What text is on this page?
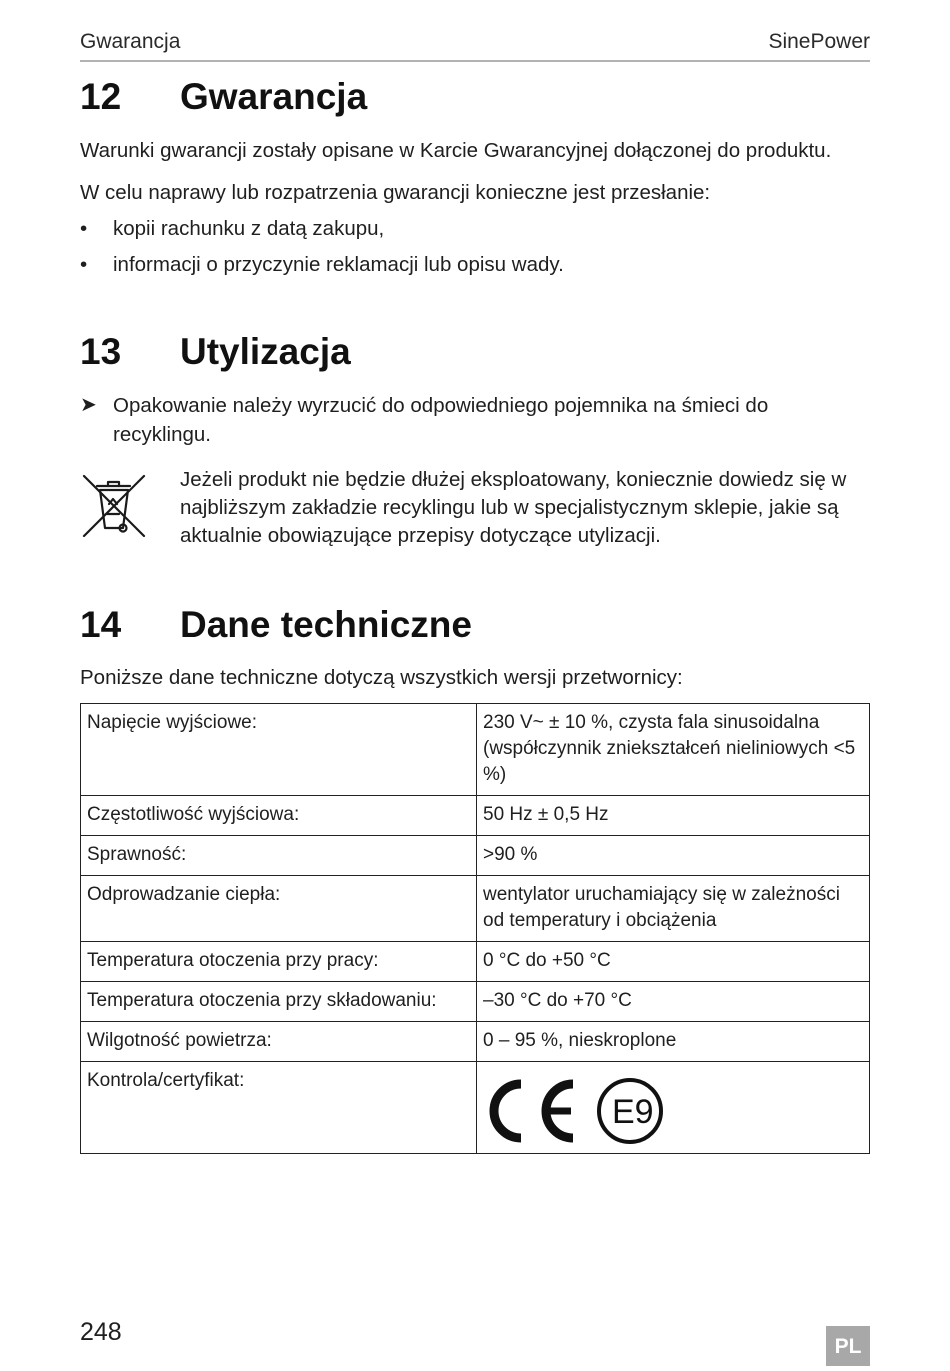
Gwarancja	SinePower
12 Gwarancja
Warunki gwarancji zostały opisane w Karcie Gwarancyjnej dołączonej do produktu.
W celu naprawy lub rozpatrzenia gwarancji konieczne jest przesłanie:
• kopii rachunku z datą zakupu,
• informacji o przyczynie reklamacji lub opisu wady.
13 Utylizacja
➤ Opakowanie należy wyrzucić do odpowiedniego pojemnika na śmieci do recyklingu.
Jeżeli produkt nie będzie dłużej eksploatowany, koniecznie dowiedz się w najbliższym zakładzie recyklingu lub w specjalistycznym sklepie, jakie są aktualnie obowiązujące przepisy dotyczące utylizacji.
14 Dane techniczne
Poniższe dane techniczne dotyczą wszystkich wersji przetwornicy:
Napięcie wyjściowe:	230 V~ ± 10 %, czysta fala sinusoidalna (współczynnik zniekształceń nieliniowych <5 %)
Częstotliwość wyjściowa:	50 Hz ± 0,5 Hz
Sprawność:	>90 %
Odprowadzanie ciepła:	wentylator uruchamiający się w zależności od temperatury i obciążenia
Temperatura otoczenia przy pracy:	0 °C do +50 °C
Temperatura otoczenia przy składowaniu:	–30 °C do +70 °C
Wilgotność powietrza:	0 – 95 %, nieskroplone
Kontrola/certyfikat:	E9
248
PL
